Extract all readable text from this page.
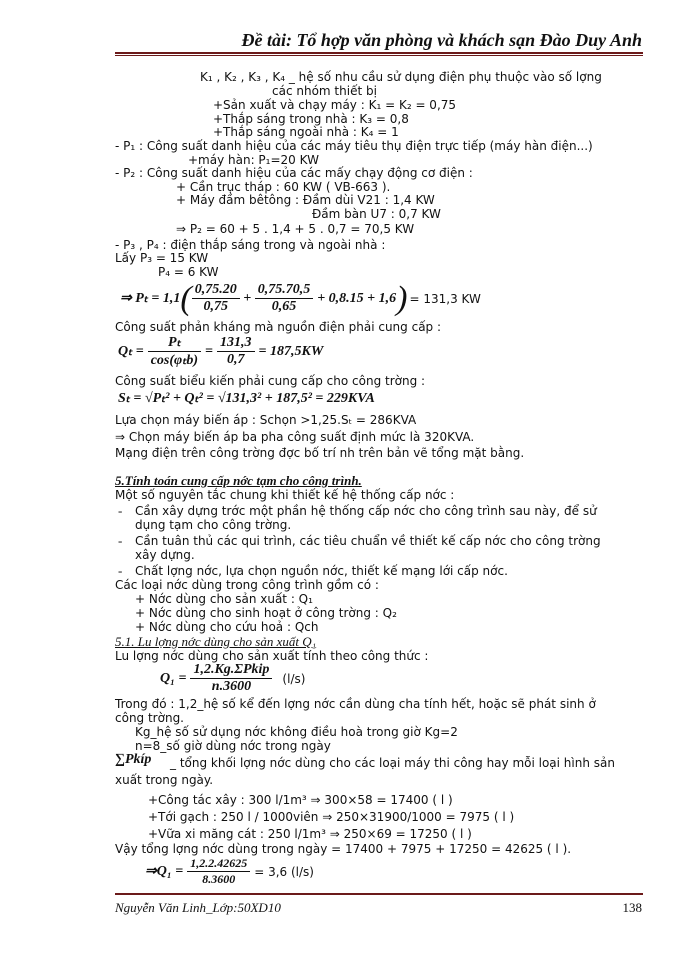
Đề tài: Tổ hợp văn phòng và khách sạn Đào Duy Anh
K₁ , K₂ , K₃ , K₄ _ hệ số nhu cầu sử dụng điện phụ thuộc vào số lợng
các nhóm thiết bị
+Sản xuất và chạy máy : K₁ = K₂ = 0,75
+Thắp sáng trong nhà : K₃ = 0,8
+Thắp sáng ngoài nhà : K₄ = 1
- P₁ : Công suất danh hiệu của các máy tiêu thụ điện trực tiếp (máy hàn điện...)
+máy hàn: P₁=20 KW
- P₂ : Công suất danh hiệu của các mấy chạy động cơ điện :
+ Cần trục tháp : 60 KW ( VB-663 ).
+ Máy đầm bêtông : Đầm dùi V21 : 1,4 KW
Đầm bàn U7 : 0,7 KW
⇒ P₂ = 60 + 5 . 1,4 + 5 . 0,7 = 70,5 KW
- P₃ , P₄ : điện thắp sáng trong và ngoài nhà :
Lấy P₃ = 15 KW
P₄ = 6 KW
⇒ Pₜ = 1,1 ( $\frac{0,75.20}{0,75} + \frac{0,75.70,5}{0,65} + 0,8.15 + 1,6$ ) = 131,3 KW
Công suất phản kháng mà nguồn điện phải cung cấp :
$Q_t = \frac{\text{Pₜ}}{\text{cos(φₜb)}} = \frac{131,3}{0,7} = 187,5KW$
Công suất biểu kiến phải cung cấp cho công trờng :
Sₜ = √Pₜ² + Qₜ² = √131,3² + 187,5² = 229KVA
Lựa chọn máy biến áp : Schọn >1,25.Sₜ = 286KVA
⇒ Chọn máy biến áp ba pha công suất định mức là 320KVA.
Mạng điện trên công trờng đợc bố trí nh trên bản vẽ tổng mặt bằng.
5.Tính toán cung cấp nớc tạm cho công trình.
Một số nguyên tắc chung khi thiết kế hệ thống cấp nớc :
- Cần xây dựng trớc một phần hệ thống cấp nớc cho công trình sau này, để sử
dụng tạm cho công trờng.
- Cần tuân thủ các qui trình, các tiêu chuẩn về thiết kế cấp nớc cho công trờng
xây dựng.
- Chất lợng nớc, lựa chọn nguồn nớc, thiết kế mạng lới cấp nớc.
Các loại nớc dùng trong công trình gồm có :
+ Nớc dùng cho sản xuất : Q₁
+ Nớc dùng cho sinh hoạt ở công trờng : Q₂
+ Nớc dùng cho cứu hoả : Qch
5.1. Lu lợng nớc dùng cho sản xuất Q₁
Lu lợng nớc dùng cho sản xuất tính theo công thức :
$Q_1 = \frac{\text{1,2.Kg.ΣPkip}}{n.3600} (l/s)$
Trong đó : 1,2_hệ số kể đến lợng nớc cần dùng cha tính hết, hoặc sẽ phát sinh ở
công trờng.
Kg_hệ số sử dụng nớc không điều hoà trong giờ Kg=2
n=8_số giờ dùng nớc trong ngày
∑Pkíp _ tổng khối lợng nớc dùng cho các loại máy thi công hay mỗi loại hình sản
xuất trong ngày.
+Công tác xây : 300 l/1m³ ⇒ 300×58 = 17400 ( l )
+Tới gạch : 250 l / 1000viên ⇒ 250×31900/1000 = 7975 ( l )
+Vữa xi măng cát : 250 l/1m³ ⇒ 250×69 = 17250 ( l )
Vậy tổng lợng nớc dùng trong ngày = 17400 + 7975 + 17250 = 42625 ( l ).
⇒Q₁ = $\frac{1,2.2.42625}{8.3600} = 3,6$ (l/s)
Nguyễn Văn Linh_Lớp:50XD10	138
